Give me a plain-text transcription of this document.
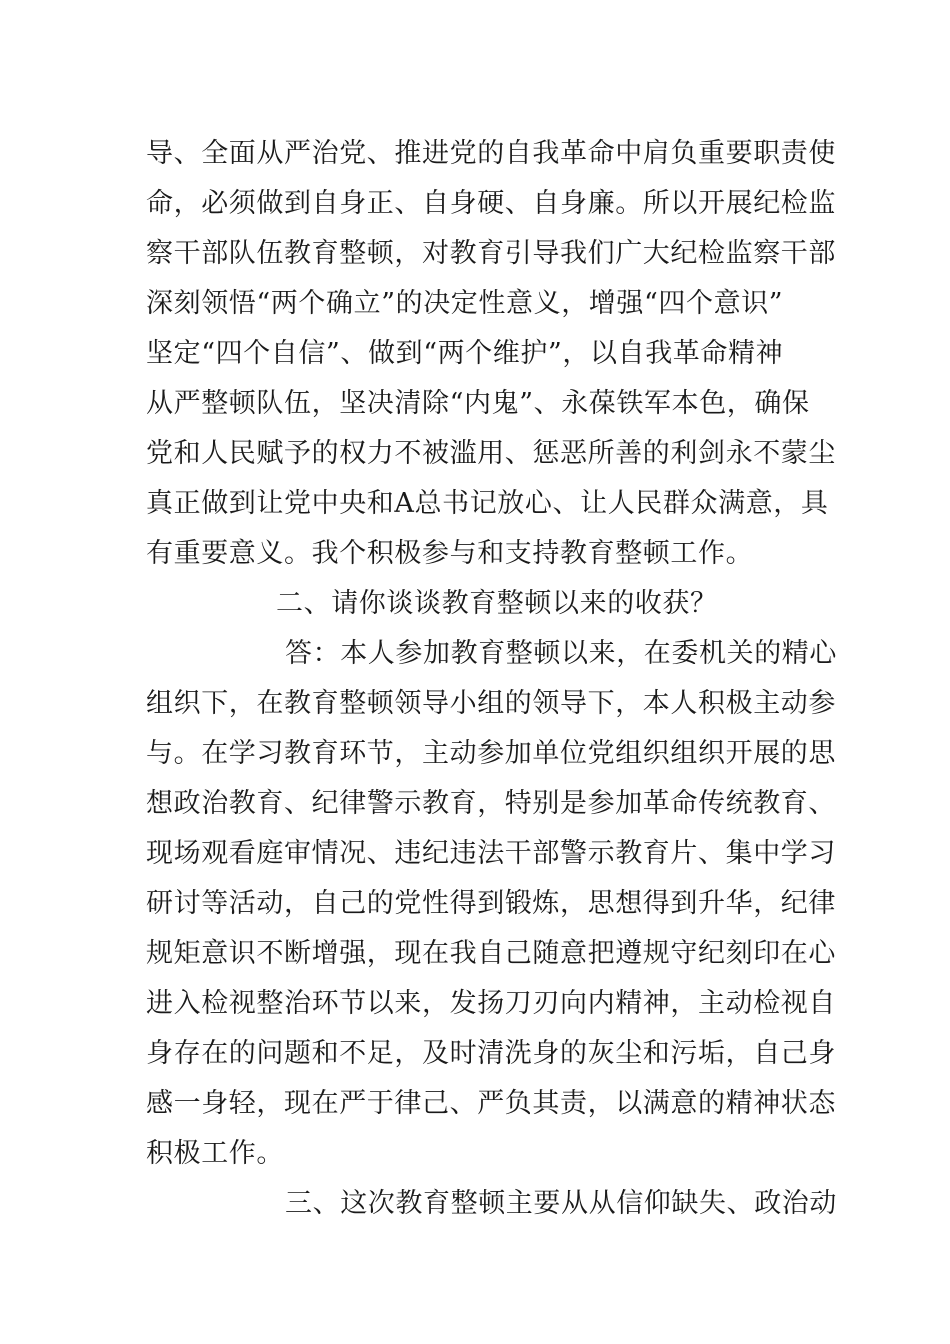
导、全面从严治党、推进党的自我革命中肩负重要职责使
命，必须做到自身正、自身硬、自身廉。所以开展纪检监
察干部队伍教育整顿，对教育引导我们广大纪检监察干部
深刻领悟“两个确立”的决定性意义，增强“四个意识”
坚定“四个自信”、做到“两个维护”，以自我革命精神
从严整顿队伍，坚决清除“内鬼”、永葆铁军本色，确保
党和人民赋予的权力不被滥用、惩恶所善的利剑永不蒙尘
真正做到让党中央和A总书记放心、让人民群众满意，具
有重要意义。我个积极参与和支持教育整顿工作。
二、请你谈谈教育整顿以来的收获？
答：本人参加教育整顿以来，在委机关的精心
组织下，在教育整顿领导小组的领导下，本人积极主动参
与。在学习教育环节，主动参加单位党组织组织开展的思
想政治教育、纪律警示教育，特别是参加革命传统教育、
现场观看庭审情况、违纪违法干部警示教育片、集中学习
研讨等活动，自己的党性得到锻炼，思想得到升华，纪律
规矩意识不断增强，现在我自己随意把遵规守纪刻印在心
进入检视整治环节以来，发扬刀刃向内精神，主动检视自
身存在的问题和不足，及时清洗身的灰尘和污垢，自己身
感一身轻，现在严于律己、严负其责，以满意的精神状态
积极工作。
三、这次教育整顿主要从从信仰缺失、政治动
